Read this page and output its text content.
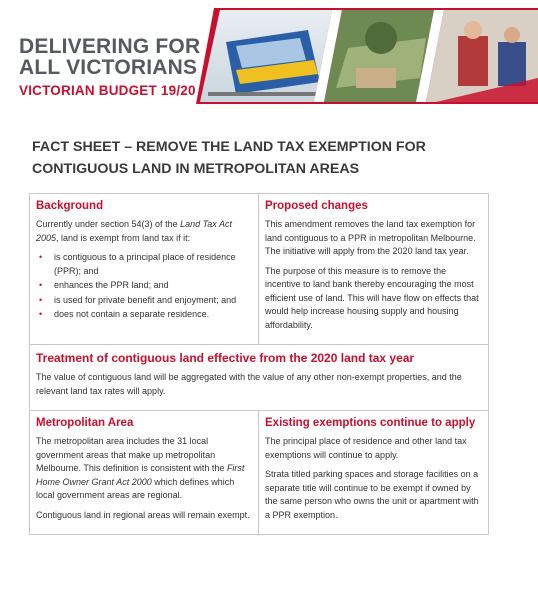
DELIVERING FOR
ALL VICTORIANS
VICTORIAN BUDGET 19/20
FACT SHEET – REMOVE THE LAND TAX EXEMPTION FOR CONTIGUOUS LAND IN METROPOLITAN AREAS
Background

Currently under section 54(3) of the Land Tax Act 2005, land is exempt from land tax if it:

• is contiguous to a principal place of residence (PPR); and
• enhances the PPR land; and
• is used for private benefit and enjoyment; and
• does not contain a separate residence.
Proposed changes

This amendment removes the land tax exemption for land contiguous to a PPR in metropolitan Melbourne. The initiative will apply from the 2020 land tax year.

The purpose of this measure is to remove the incentive to land bank thereby encouraging the most efficient use of land. This will have flow on effects that would help increase housing supply and housing affordability.

Treatment of contiguous land effective from the 2020 land tax year

The value of contiguous land will be aggregated with the value of any other non-exempt properties, and the relevant land tax rates will apply.

Metropolitan Area

The metropolitan area includes the 31 local government areas that make up metropolitan Melbourne. This definition is consistent with the First Home Owner Grant Act 2000 which defines which local government areas are regional.

Contiguous land in regional areas will remain exempt.

Existing exemptions continue to apply

The principal place of residence and other land tax exemptions will continue to apply.

Strata titled parking spaces and storage facilities on a separate title will continue to be exempt if owned by the same person who owns the unit or apartment with a PPR exemption.
